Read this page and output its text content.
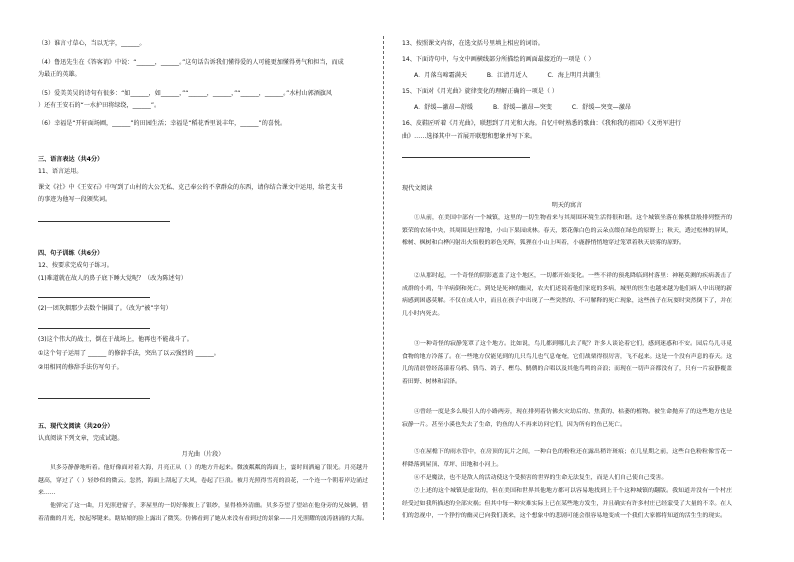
（3）谁言寸草心，当以无字，______。
（4）鲁迅先生在《答客诮》中说：“______，______。”这句话告诉我们懂得爱的人可能更加懂得勇气和担当，而成
为最正的英雄。
（5）爱美美吴的诗句有很多：“如______，如______，”“______，______，”“______，______。”水村山郭酒旗风
）还有王安石的“一水护田将绿绕，______”。
（6）幸福是“开轩面场圃，______”的田园生活；幸福是“稻花香里说丰年，______”的喜悦。
三、语言表达（共4分）
11、语言运用。
课文《社》中《王安石》中写到了山村的大公无私、克己奉公的不拿群众的东西，请你结合课文中运用，给老支书
的事迹为他写一段颁奖词。
四、句子训练（共6分）
12、按要求完成句子练习。
(1)难道就在故人的鼻子底下睡大觉呢？（改为陈述句）
(2)一团灰烟那少去数个铜圆了。（改为“被”字句）
(3)这个伟大的战士，倒在于战场上，他再也不能战斗了。
①这个句子运用了 ______ 的修辞手法，突出了以云强烈的 ______。
②用相同的修辞手法仿写句子。
五、现代文阅读（共20分）
认真阅读下列文章，完成试题。
月光曲（片段）
贝多芬静静地听着。他好像面对着大海，月亮正从（ ）的地方升起来。微波粼粼的海面上，霎时间洒遍了银光。月亮越升越高，穿过了（ ）轻纱似的微云。忽然，海面上刮起了大风，卷起了巨浪。被月光照得雪亮的浪花，一个连一个朝着岸边涌过来……
他弹完了这一曲，月光照进窗子，茅屋里的一切好像披上了银纱，显得格外清幽。贝多芬望了望站在他身旁的兄妹俩，借着清幽的月光，按起琴键来。瞎姑娘的脸上露出了微笑。仿佛看到了她从来没有看到过的景象——月光照耀的波涛汹涌的大海。
13、按照课文内容，在选文括号里填上相应的词语。
14、下面诗句中，与文中画横线部分所描绘的画面最接近的一项是（ ）
A．月落乌啼霜满天	B．江清月近人	C．海上明月共潮生
15、下面对《月光曲》旋律变化的理解正确的一项是（ ）
A．舒缓—激昂—舒缓	B．舒缓—激昂—突变	C．舒缓—突变—激昂
16、皮鞋匠听着《月光曲》，联想到了月光和大海。自忆中时熟悉的歌曲：《我和我的祖国》《义勇军进行
曲》……选择其中一首展开联想和想象并写下来。
现代文阅读
明天的寓言
①从前，在美国中部有一个城镇，这里的一切生物看来与其周围环境生活得很和谐。这个城镇坐落在像棋盘般排列整齐的繁荣的农场中央，其周围是庄稼地，小山下果园成林。春天，繁花像白色的云朵点缀在绿色的原野上；秋天，透过松林的屏风，橡树、枫树和白桦闪射出火焰般的彩色光辉，狐狸在小山上叫着，小鹿静悄悄地穿过笼罩着秋天晨雾的原野。
②从那时起，一个奇怪的阴影遮盖了这个地区，一切都开始变化。一些不祥的预兆降临到村落里：神秘莫测的疾病袭击了成群的小鸡，牛羊病倒和死亡。到处是死神的幽灵，农夫们述说着他们家庭的多病，城里的医生也越来越为他们病人中出现的新病感到困惑莫解。不仅在成人中，而且在孩子中出现了一些突然的、不可解释的死亡现象，这些孩子在玩耍时突然倒下了，并在几小时内死去。
③一种奇怪的寂静笼罩了这个地方。比如说，鸟儿都到哪儿去了呢？许多人谈论着它们，感到迷惑和不安。园后鸟儿寻觅食物的地方冷落了。在一些地方仅能见到的几只鸟儿也气息奄奄，它们战栗得很厉害，飞不起来。这是一个没有声息的春天。这儿的清晨曾经荡漾着乌鸦、鸫鸟、鸽子、樫鸟、鹪鹩的合唱以及其他鸟鸣的音浪；而现在一切声音都没有了，只有一片寂静覆盖着田野、树林和沼泽。
④曾经一度是多么吸引人的小路两旁，现在排列着仿佛火灾劫后的、焦黄的、枯萎的植物。被生命抛弃了的这些地方也是寂静一片。甚至小溪也失去了生命，钓鱼的人不再来访问它们，因为所有的鱼已死亡。
⑤在屋檐下的雨水管中，在房顶的瓦片之间，一种白色的粉粒还在露出稍许斑痕；在几星期之前，这些白色粉粒像雪花一样降落到屋顶、草坪、田地和小河上。
⑥不是魔法，也不是敌人的活动使这个受损害的世界的生命无法复生，而是人们自己使自己受害。
⑦上述的这个城镇是虚设的，但在美国和世界其他地方都可以容易地找到上千个这种城镇的翻版。我知道并没有一个村庄经受过如我所描述的全部灾祸；但其中每一种灾难实际上已在某些地方发生，并且确实有许多村庄已经蒙受了大量的不幸。在人们的忽视中，一个狰狞的幽灵已向我们袭来，这个想象中的悲剧可能会很容易地变成一个我们大家都将知道的活生生的现实。
